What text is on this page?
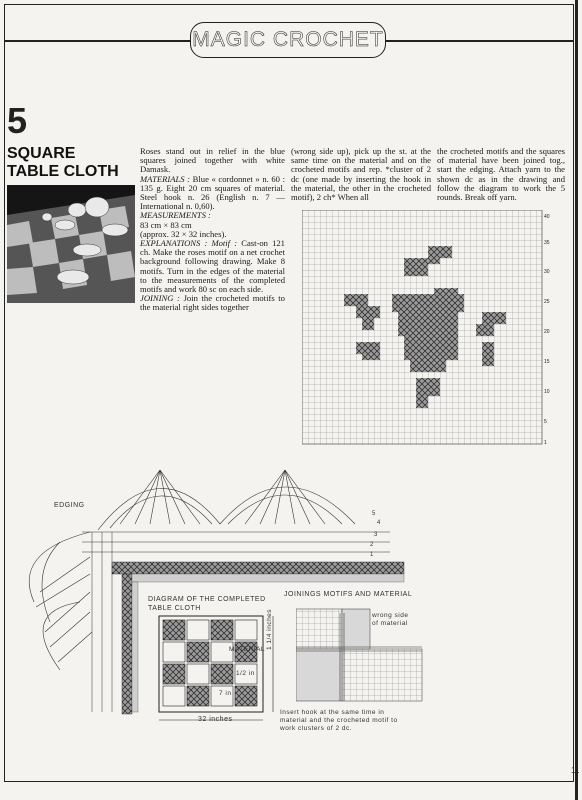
MAGIC CROCHET
5
SQUARE
TABLE CLOTH

Roses stand out in relief in the blue squares joined together with white Damask.

MATERIALS : Blue « cordonnet » n. 60 : 135 g. Eight 20 cm squares of material. Steel hook n. 26 (English n. 7 — International n. 0,60).

MEASUREMENTS :

83 cm × 83 cm

(approx. 32 × 32 inches).

EXPLANATIONS : Motif : Cast-on 121 ch. Make the roses motif on a net crochet background following drawing. Make 8 motifs. Turn in the edges of the material to the measurements of the completed motifs and work 80 sc on each side.

JOINING : Join the crocheted motifs to the material right sides together

(wrong side up), pick up the st. at the same time on the material and on the crocheted motifs and rep. *cluster of 2 dc (one made by inserting the hook in the material, the other in the crocheted motif), 2 ch* When all

the crocheted motifs and the squares of material have been joined tog., start the edging. Attach yarn to the shown dc as in the drawing and follow the diagram to work the 5 rounds. Break off yarn.

40
35
30
25
20
15
10
5
1
5
4
3
2
1
EDGING
DIAGRAM OF THE COMPLETED
TABLE CLOTH
MATERIAL
1/2 in
7 in
1 1/4 inches
32 inches
JOININGS MOTIFS AND MATERIAL
wrong side
of material
Insert hook at the same time in
material and the crocheted motif to
work clusters of 2 dc.
11
